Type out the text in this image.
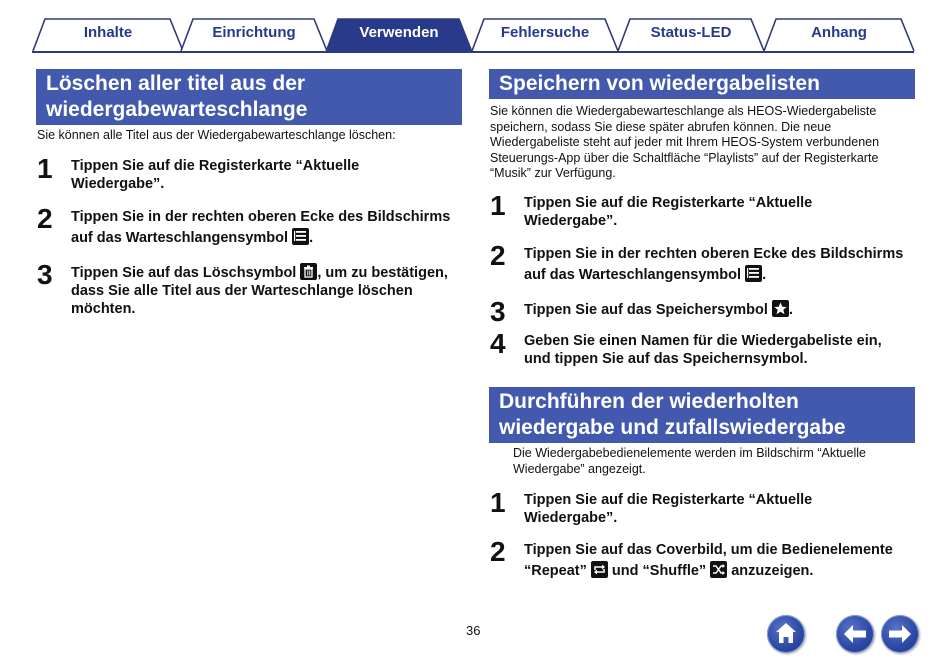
Inhalte	Einrichtung	Verwenden	Fehlersuche	Status-LED	Anhang
Löschen aller titel aus der
wiedergabewarteschlange
Sie können alle Titel aus der Wiedergabewarteschlange löschen:
1 Tippen Sie auf die Registerkarte “Aktuelle
Wiedergabe”.
2 Tippen Sie in der rechten oberen Ecke des Bildschirms
auf das Warteschlangensymbol .
3 Tippen Sie auf das Löschsymbol , um zu bestätigen,
dass Sie alle Titel aus der Warteschlange löschen
möchten.
Speichern von wiedergabelisten
Sie können die Wiedergabewarteschlange als HEOS-Wiedergabeliste
speichern, sodass Sie diese später abrufen können. Die neue
Wiedergabeliste steht auf jeder mit Ihrem HEOS-System verbundenen
Steuerungs-App über die Schaltfläche “Playlists” auf der Registerkarte
“Musik” zur Verfügung.
1 Tippen Sie auf die Registerkarte “Aktuelle
Wiedergabe”.
2 Tippen Sie in der rechten oberen Ecke des Bildschirms
auf das Warteschlangensymbol .
3 Tippen Sie auf das Speichersymbol .
4 Geben Sie einen Namen für die Wiedergabeliste ein,
und tippen Sie auf das Speichernsymbol.
Durchführen der wiederholten
wiedergabe und zufallswiedergabe
Die Wiedergabebedienelemente werden im Bildschirm “Aktuelle
Wiedergabe” angezeigt.
1 Tippen Sie auf die Registerkarte “Aktuelle
Wiedergabe”.
2 Tippen Sie auf das Coverbild, um die Bedienelemente
“Repeat” und “Shuffle” anzuzeigen.
36
